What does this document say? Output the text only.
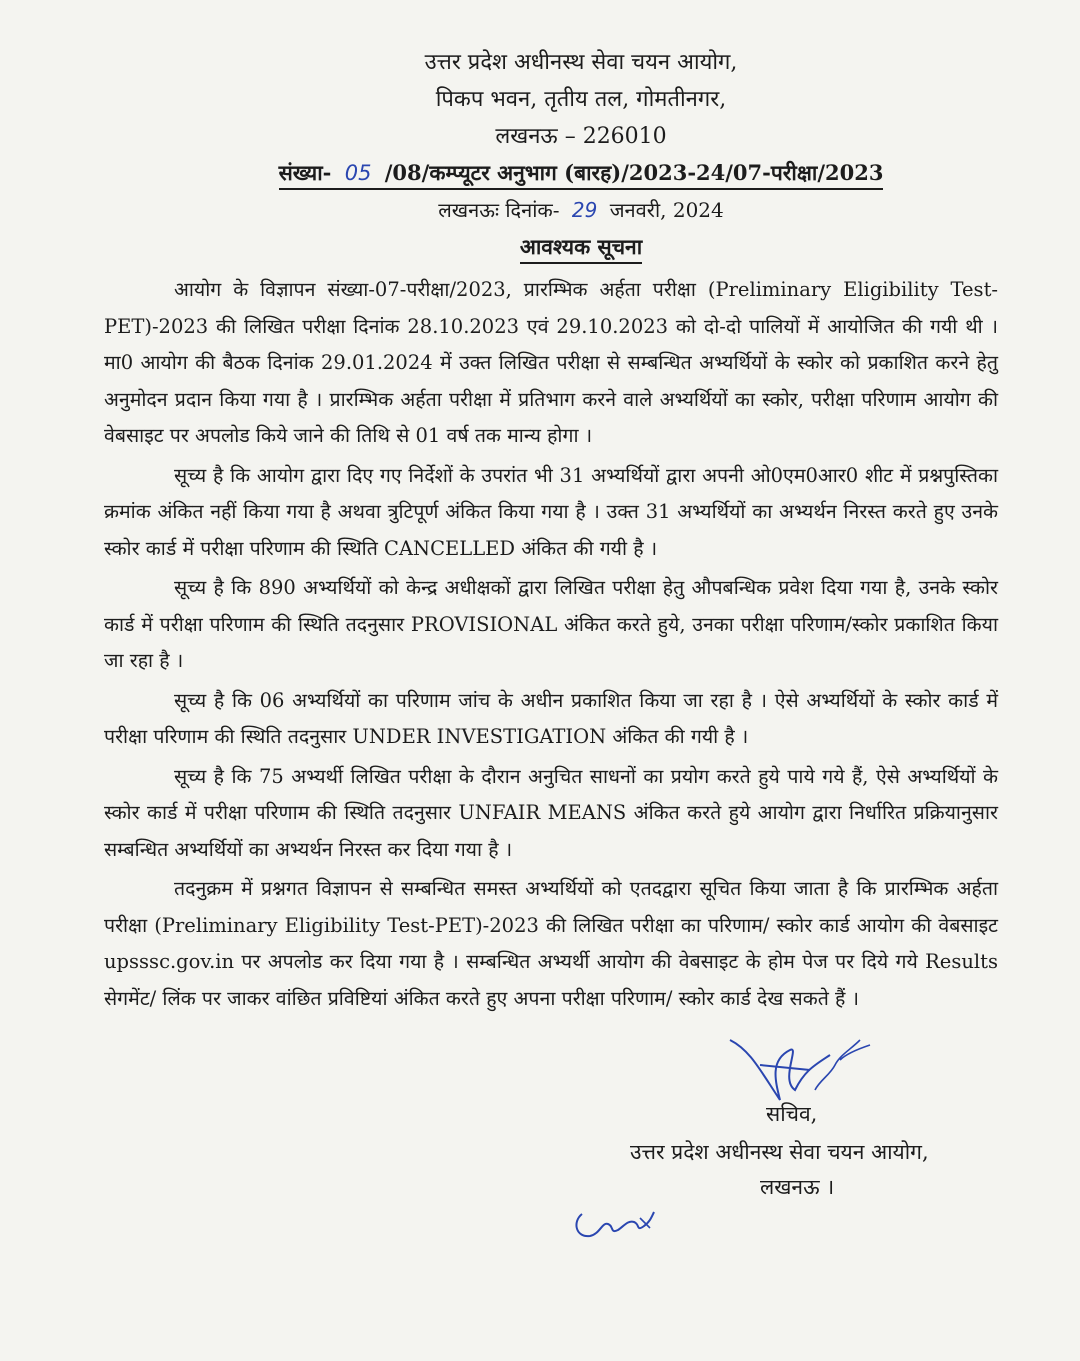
उत्तर प्रदेश अधीनस्थ सेवा चयन आयोग,
पिकप भवन, तृतीय तल, गोमतीनगर,
लखनऊ – 226010
संख्या- 05 /08/कम्प्यूटर अनुभाग (बारह)/2023-24/07-परीक्षा/2023
लखनऊः दिनांक- 29 जनवरी, 2024
आवश्यक सूचना

आयोग के विज्ञापन संख्या-07-परीक्षा/2023, प्रारम्भिक अर्हता परीक्षा (Preliminary Eligibility Test-PET)-2023 की लिखित परीक्षा दिनांक 28.10.2023 एवं 29.10.2023 को दो-दो पालियों में आयोजित की गयी थी । मा0 आयोग की बैठक दिनांक 29.01.2024 में उक्त लिखित परीक्षा से सम्बन्धित अभ्यर्थियों के स्कोर को प्रकाशित करने हेतु अनुमोदन प्रदान किया गया है । प्रारम्भिक अर्हता परीक्षा में प्रतिभाग करने वाले अभ्यर्थियों का स्कोर, परीक्षा परिणाम आयोग की वेबसाइट पर अपलोड किये जाने की तिथि से 01 वर्ष तक मान्य होगा ।

सूच्य है कि आयोग द्वारा दिए गए निर्देशों के उपरांत भी 31 अभ्यर्थियों द्वारा अपनी ओ0एम0आर0 शीट में प्रश्नपुस्तिका क्रमांक अंकित नहीं किया गया है अथवा त्रुटिपूर्ण अंकित किया गया है । उक्त 31 अभ्यर्थियों का अभ्यर्थन निरस्त करते हुए उनके स्कोर कार्ड में परीक्षा परिणाम की स्थिति CANCELLED अंकित की गयी है ।

सूच्य है कि 890 अभ्यर्थियों को केन्द्र अधीक्षकों द्वारा लिखित परीक्षा हेतु औपबन्धिक प्रवेश दिया गया है, उनके स्कोर कार्ड में परीक्षा परिणाम की स्थिति तदनुसार PROVISIONAL अंकित करते हुये, उनका परीक्षा परिणाम/स्कोर प्रकाशित किया जा रहा है ।

सूच्य है कि 06 अभ्यर्थियों का परिणाम जांच के अधीन प्रकाशित किया जा रहा है । ऐसे अभ्यर्थियों के स्कोर कार्ड में परीक्षा परिणाम की स्थिति तदनुसार UNDER INVESTIGATION अंकित की गयी है ।

सूच्य है कि 75 अभ्यर्थी लिखित परीक्षा के दौरान अनुचित साधनों का प्रयोग करते हुये पाये गये हैं, ऐसे अभ्यर्थियों के स्कोर कार्ड में परीक्षा परिणाम की स्थिति तदनुसार UNFAIR MEANS अंकित करते हुये आयोग द्वारा निर्धारित प्रक्रियानुसार सम्बन्धित अभ्यर्थियों का अभ्यर्थन निरस्त कर दिया गया है ।

तदनुक्रम में प्रश्नगत विज्ञापन से सम्बन्धित समस्त अभ्यर्थियों को एतदद्वारा सूचित किया जाता है कि प्रारम्भिक अर्हता परीक्षा (Preliminary Eligibility Test-PET)-2023 की लिखित परीक्षा का परिणाम/ स्कोर कार्ड आयोग की वेबसाइट upsssc.gov.in पर अपलोड कर दिया गया है । सम्बन्धित अभ्यर्थी आयोग की वेबसाइट के होम पेज पर दिये गये Results सेगमेंट/ लिंक पर जाकर वांछित प्रविष्टियां अंकित करते हुए अपना परीक्षा परिणाम/ स्कोर कार्ड देख सकते हैं ।

सचिव,
उत्तर प्रदेश अधीनस्थ सेवा चयन आयोग,
लखनऊ ।
